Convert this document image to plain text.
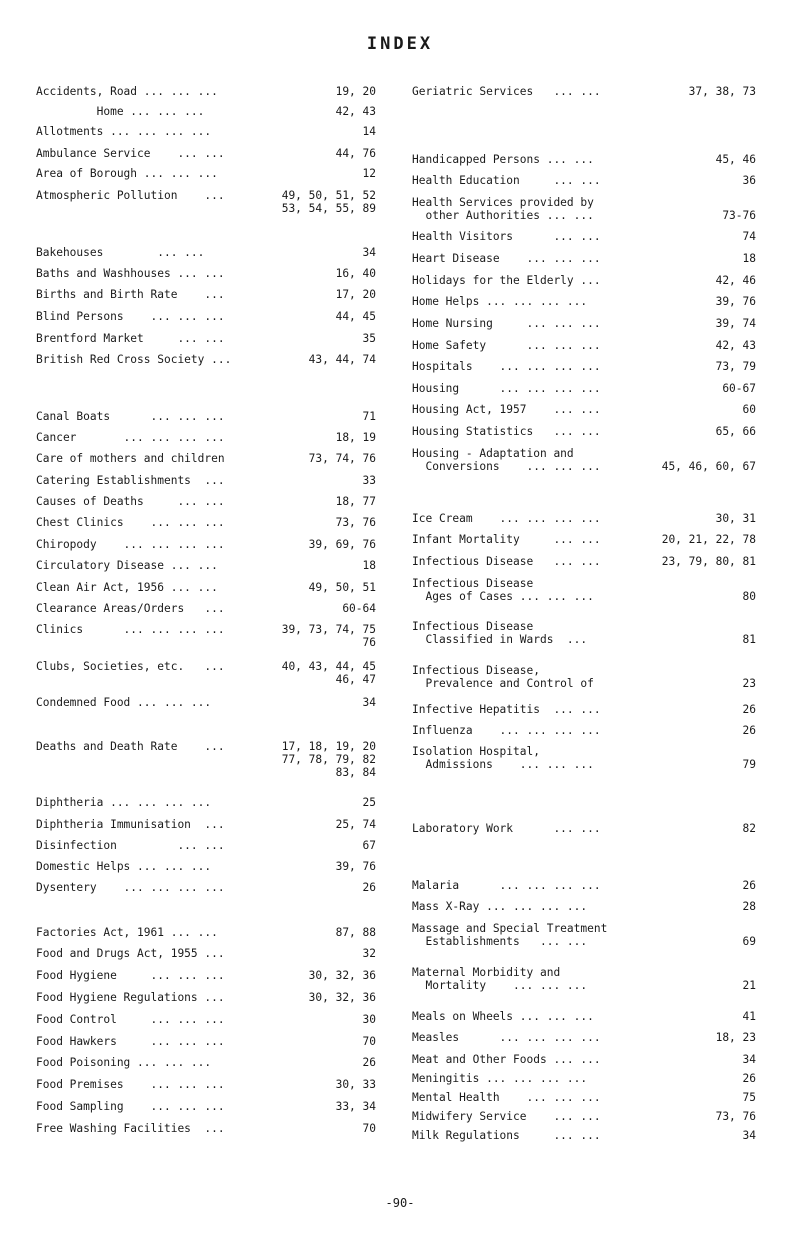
INDEX
Accidents, Road ... ... ...	19, 20
Home ... ... ...	42, 43
Allotments ... ... ... ...	14
Ambulance Service    ... ...	44, 76
Area of Borough ... ... ...	12
Atmospheric Pollution    ...	49, 50, 51, 52
53, 54, 55, 89
Bakehouses        ... ...	34
Baths and Washhouses ... ...	16, 40
Births and Birth Rate    ...	17, 20
Blind Persons    ... ... ...	44, 45
Brentford Market     ... ...	35
British Red Cross Society ...	43, 44, 74
Canal Boats      ... ... ...	71
Cancer       ... ... ... ...	18, 19
Care of mothers and children	73, 74, 76
Catering Establishments  ...	33
Causes of Deaths     ... ...	18, 77
Chest Clinics    ... ... ...	73, 76
Chiropody    ... ... ... ...	39, 69, 76
Circulatory Disease ... ...	18
Clean Air Act, 1956 ... ...	49, 50, 51
Clearance Areas/Orders   ...	60-64
Clinics      ... ... ... ...	39, 73, 74, 75
76
Clubs, Societies, etc.   ...	40, 43, 44, 45
46, 47
Condemned Food ... ... ...	34
Deaths and Death Rate    ...	17, 18, 19, 20
77, 78, 79, 82
83, 84
Diphtheria ... ... ... ...	25
Diphtheria Immunisation  ...	25, 74
Disinfection         ... ...	67
Domestic Helps ... ... ...	39, 76
Dysentery    ... ... ... ...	26
Factories Act, 1961 ... ...	87, 88
Food and Drugs Act, 1955 ...	32
Food Hygiene     ... ... ...	30, 32, 36
Food Hygiene Regulations ...	30, 32, 36
Food Control     ... ... ...	30
Food Hawkers     ... ... ...	70
Food Poisoning ... ... ...	26
Food Premises    ... ... ...	30, 33
Food Sampling    ... ... ...	33, 34
Free Washing Facilities  ...	70
Geriatric Services   ... ...	37, 38, 73
Handicapped Persons ... ...	45, 46
Health Education     ... ...	36
Health Services provided by
other Authorities ... ...	73-76
Health Visitors      ... ...	74
Heart Disease    ... ... ...	18
Holidays for the Elderly ...	42, 46
Home Helps ... ... ... ...	39, 76
Home Nursing     ... ... ...	39, 74
Home Safety      ... ... ...	42, 43
Hospitals    ... ... ... ...	73, 79
Housing      ... ... ... ...	60-67
Housing Act, 1957    ... ...	60
Housing Statistics   ... ...	65, 66
Housing - Adaptation and
Conversions    ... ... ...	45, 46, 60, 67
Ice Cream    ... ... ... ...	30, 31
Infant Mortality     ... ...	20, 21, 22, 78
Infectious Disease   ... ...	23, 79, 80, 81
Infectious Disease
Ages of Cases ... ... ...	80
Infectious Disease
Classified in Wards  ...	81
Infectious Disease,
Prevalence and Control of	23
Infective Hepatitis  ... ...	26
Influenza    ... ... ... ...	26
Isolation Hospital,
Admissions    ... ... ...	79
Laboratory Work      ... ...	82
Malaria      ... ... ... ...	26
Mass X-Ray ... ... ... ...	28
Massage and Special Treatment
Establishments   ... ...	69
Maternal Morbidity and
Mortality    ... ... ...	21
Meals on Wheels ... ... ...	41
Measles      ... ... ... ...	18, 23
Meat and Other Foods ... ...	34
Meningitis ... ... ... ...	26
Mental Health    ... ... ...	75
Midwifery Service    ... ...	73, 76
Milk Regulations     ... ...	34
-90-
